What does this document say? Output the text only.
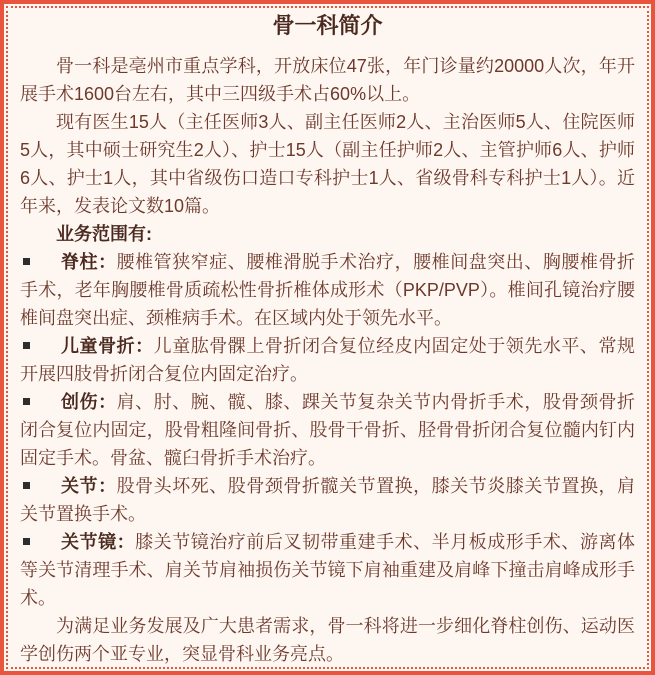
骨一科简介

骨一科是亳州市重点学科，开放床位47张，年门诊量约20000人次，年开展手术1600台左右，其中三四级手术占60%以上。

现有医生15人（主任医师3人、副主任医师2人、主治医师5人、住院医师5人，其中硕士研究生2人）、护士15人（副主任护师2人、主管护师6人、护师6人、护士1人，其中省级伤口造口专科护士1人、省级骨科专科护士1人）。近年来，发表论文数10篇。

业务范围有:

脊柱：腰椎管狭窄症、腰椎滑脱手术治疗，腰椎间盘突出、胸腰椎骨折手术，老年胸腰椎骨质疏松性骨折椎体成形术（PKP/PVP）。椎间孔镜治疗腰椎间盘突出症、颈椎病手术。在区域内处于领先水平。
儿童骨折：儿童肱骨髁上骨折闭合复位经皮内固定处于领先水平、常规开展四肢骨折闭合复位内固定治疗。
创伤：肩、肘、腕、髋、膝、踝关节复杂关节内骨折手术，股骨颈骨折闭合复位内固定，股骨粗隆间骨折、股骨干骨折、胫骨骨折闭合复位髓内钉内固定手术。骨盆、髋臼骨折手术治疗。
关节：股骨头坏死、股骨颈骨折髋关节置换，膝关节炎膝关节置换，肩关节置换手术。
关节镜：膝关节镜治疗前后叉韧带重建手术、半月板成形手术、游离体等关节清理手术、肩关节肩袖损伤关节镜下肩袖重建及肩峰下撞击肩峰成形手术。

为满足业务发展及广大患者需求，骨一科将进一步细化脊柱创伤、运动医学创伤两个亚专业，突显骨科业务亮点。
